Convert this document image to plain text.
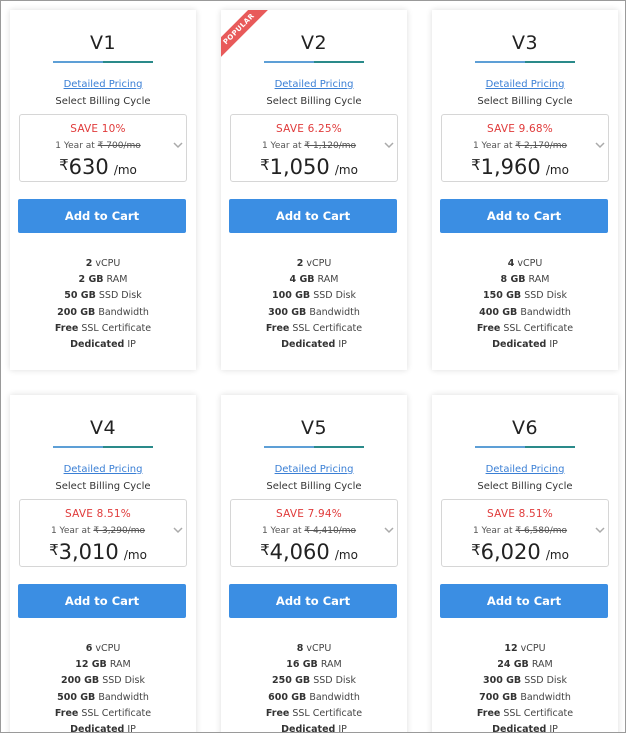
V1
Detailed Pricing
Select Billing Cycle
SAVE 10%
1 Year at ₹ 700/mo
₹630 /mo
Add to Cart
2 vCPU
2 GB RAM
50 GB SSD Disk
200 GB Bandwidth
Free SSL Certificate
Dedicated IP
POPULAR	V2
Detailed Pricing
Select Billing Cycle
SAVE 6.25%
1 Year at ₹ 1,120/mo
₹1,050 /mo
Add to Cart
2 vCPU
4 GB RAM
100 GB SSD Disk
300 GB Bandwidth
Free SSL Certificate
Dedicated IP
V3
Detailed Pricing
Select Billing Cycle
SAVE 9.68%
1 Year at ₹ 2,170/mo
₹1,960 /mo
Add to Cart
4 vCPU
8 GB RAM
150 GB SSD Disk
400 GB Bandwidth
Free SSL Certificate
Dedicated IP
V4
Detailed Pricing
Select Billing Cycle
SAVE 8.51%
1 Year at ₹ 3,290/mo
₹3,010 /mo
Add to Cart
6 vCPU
12 GB RAM
200 GB SSD Disk
500 GB Bandwidth
Free SSL Certificate
Dedicated IP
V5
Detailed Pricing
Select Billing Cycle
SAVE 7.94%
1 Year at ₹ 4,410/mo
₹4,060 /mo
Add to Cart
8 vCPU
16 GB RAM
250 GB SSD Disk
600 GB Bandwidth
Free SSL Certificate
Dedicated IP
V6
Detailed Pricing
Select Billing Cycle
SAVE 8.51%
1 Year at ₹ 6,580/mo
₹6,020 /mo
Add to Cart
12 vCPU
24 GB RAM
300 GB SSD Disk
700 GB Bandwidth
Free SSL Certificate
Dedicated IP
